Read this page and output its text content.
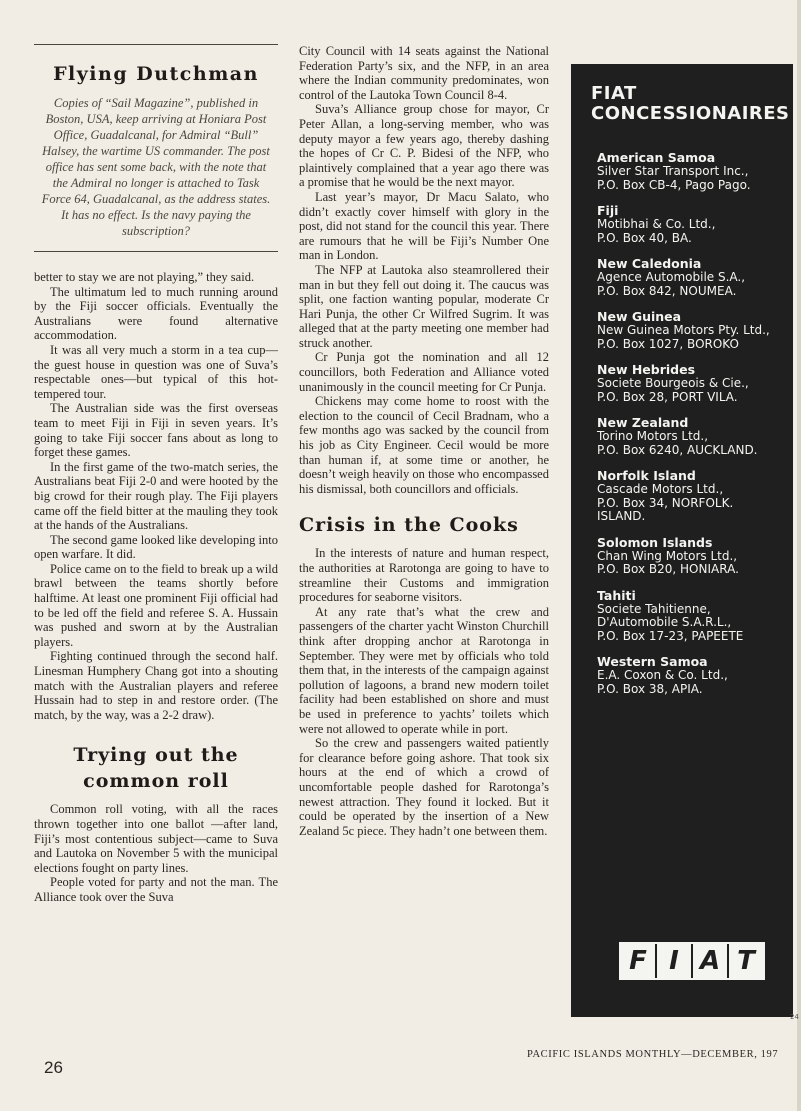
Flying Dutchman
Copies of “Sail Magazine”, published in Boston, USA, keep arriving at Honiara Post Office, Guadalcanal, for Admiral “Bull” Halsey, the wartime US commander. The post office has sent some back, with the note that the Admiral no longer is attached to Task Force 64, Guadalcanal, as the address states. It has no effect. Is the navy paying the subscription?

better to stay we are not playing,” they said.

The ultimatum led to much running around by the Fiji soccer officials. Eventually the Australians were found alternative accommodation.

It was all very much a storm in a tea cup—the guest house in question was one of Suva’s respectable ones—but typical of this hot-tempered tour.

The Australian side was the first overseas team to meet Fiji in Fiji in seven years. It’s going to take Fiji soccer fans about as long to forget these games.

In the first game of the two-match series, the Australians beat Fiji 2-0 and were hooted by the big crowd for their rough play. The Fiji players came off the field bitter at the mauling they took at the hands of the Australians.

The second game looked like developing into open warfare. It did.

Police came on to the field to break up a wild brawl between the teams shortly before halftime. At least one prominent Fiji official had to be led off the field and referee S. A. Hussain was pushed and sworn at by the Australian players.

Fighting continued through the second half. Linesman Humphery Chang got into a shouting match with the Australian players and referee Hussain had to step in and restore order. (The match, by the way, was a 2-2 draw).

Trying out the common roll

Common roll voting, with all the races thrown together into one ballot —after land, Fiji’s most contentious subject—came to Suva and Lautoka on November 5 with the municipal elections fought on party lines.

People voted for party and not the man. The Alliance took over the Suva

City Council with 14 seats against the National Federation Party’s six, and the NFP, in an area where the Indian community predominates, won control of the Lautoka Town Council 8-4.

Suva’s Alliance group chose for mayor, Cr Peter Allan, a long-serving member, who was deputy mayor a few years ago, thereby dashing the hopes of Cr C. P. Bidesi of the NFP, who plaintively complained that a year ago there was a promise that he would be the next mayor.

Last year’s mayor, Dr Macu Salato, who didn’t exactly cover himself with glory in the post, did not stand for the council this year. There are rumours that he will be Fiji’s Number One man in London.

The NFP at Lautoka also steamrollered their man in but they fell out doing it. The caucus was split, one faction wanting popular, moderate Cr Hari Punja, the other Cr Wilfred Sugrim. It was alleged that at the party meeting one member had struck another.

Cr Punja got the nomination and all 12 councillors, both Federation and Alliance voted unanimously in the council meeting for Cr Punja.

Chickens may come home to roost with the election to the council of Cecil Bradnam, who a few months ago was sacked by the council from his job as City Engineer. Cecil would be more than human if, at some time or another, he doesn’t weigh heavily on those who encompassed his dismissal, both councillors and officials.

Crisis in the Cooks

In the interests of nature and human respect, the authorities at Rarotonga are going to have to streamline their Customs and immigration procedures for seaborne visitors.

At any rate that’s what the crew and passengers of the charter yacht Winston Churchill think after dropping anchor at Rarotonga in September. They were met by officials who told them that, in the interests of the campaign against pollution of lagoons, a brand new modern toilet facility had been established on shore and must be used in preference to yachts’ toilets which were not allowed to operate while in port.

So the crew and passengers waited patiently for clearance before going ashore. That took six hours at the end of which a crowd of uncomfortable people dashed for Rarotonga’s newest attraction. They found it locked. But it could be operated by the insertion of a New Zealand 5c piece. They hadn’t one between them.

FIAT
CONCESSIONAIRES
American Samoa
Silver Star Transport Inc.,
P.O. Box CB-4, Pago Pago.
Fiji
Motibhai & Co. Ltd.,
P.O. Box 40, BA.
New Caledonia
Agence Automobile S.A.,
P.O. Box 842, NOUMEA.
New Guinea
New Guinea Motors Pty. Ltd.,
P.O. Box 1027, BOROKO
New Hebrides
Societe Bourgeois & Cie.,
P.O. Box 28, PORT VILA.
New Zealand
Torino Motors Ltd.,
P.O. Box 6240, AUCKLAND.
Norfolk Island
Cascade Motors Ltd.,
P.O. Box 34, NORFOLK.
ISLAND.
Solomon Islands
Chan Wing Motors Ltd.,
P.O. Box B20, HONIARA.
Tahiti
Societe Tahitienne,
D'Automobile S.A.R.L.,
P.O. Box 17-23, PAPEETE
Western Samoa
E.A. Coxon & Co. Ltd.,
P.O. Box 38, APIA.
F I A T
24
26
PACIFIC ISLANDS MONTHLY—DECEMBER, 197
